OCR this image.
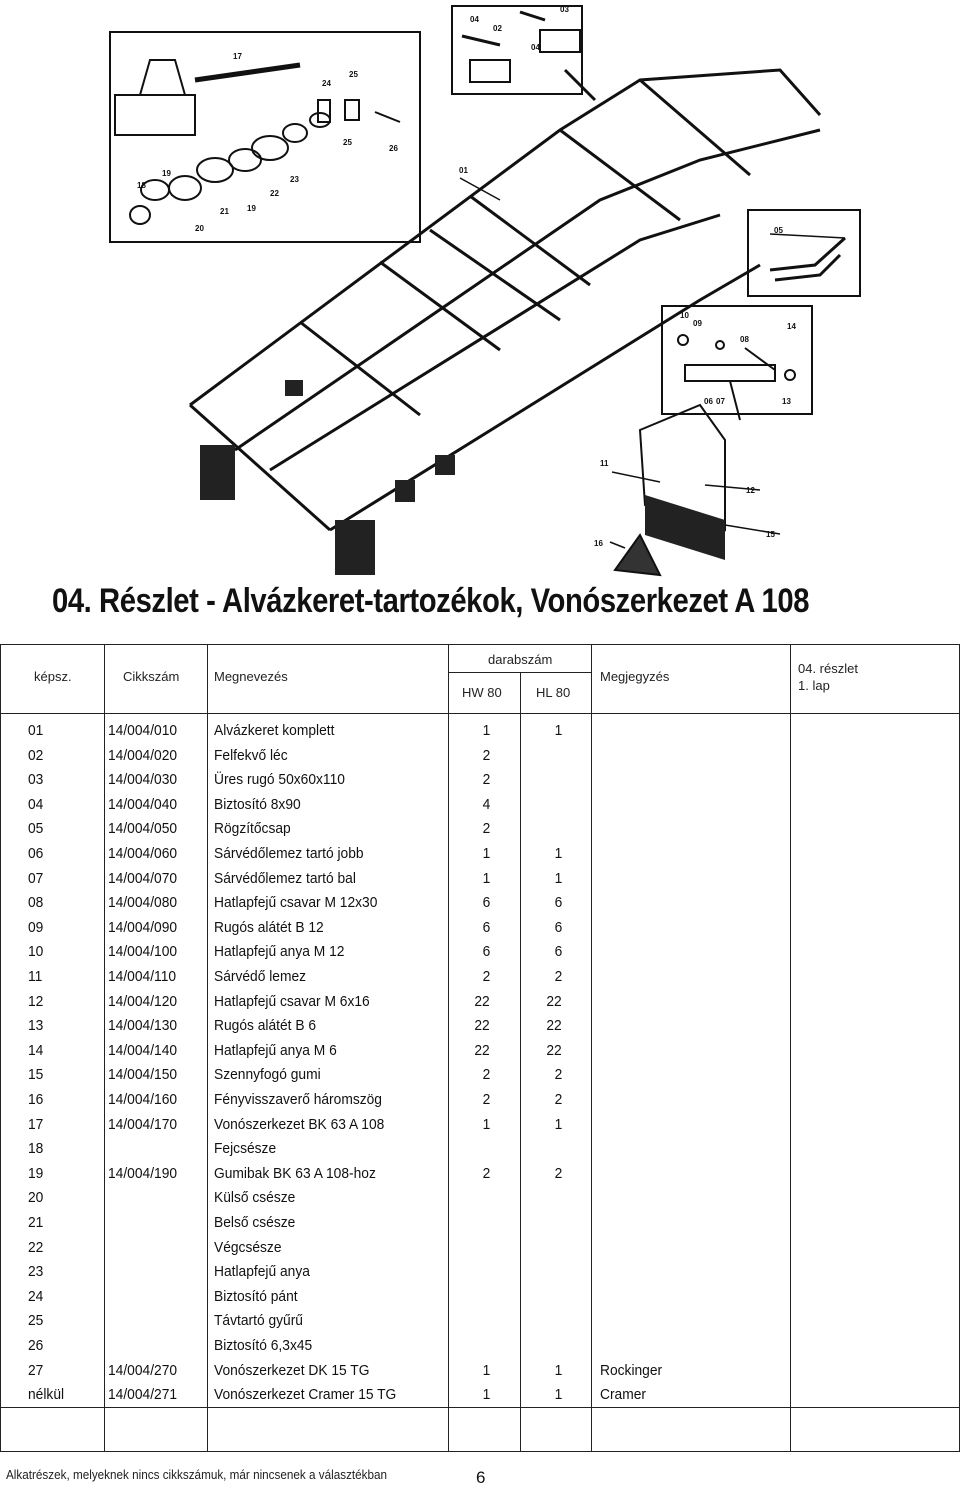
17
24
25
25
26
18
19
19
20
21
22
23
04
02
03
04
01
05
10
09
08
14
06 07	13
11
12
15
16
04. Részlet - Alvázkeret-tartozékok, Vonószerkezet A 108
képsz.	Cikkszám	Megnevezés
darabszám
HW 80	HL 80
Megjegyzés
04. részlet
1. lap
01	14/004/010 Alvázkeret komplett	1	1
02	14/004/020 Felfekvő léc	2
03	14/004/030 Üres rugó 50x60x110	2
04	14/004/040 Biztosító 8x90	4
05	14/004/050 Rögzítőcsap	2
06	14/004/060 Sárvédőlemez tartó jobb	1	1
07	14/004/070 Sárvédőlemez tartó bal	1	1
08	14/004/080 Hatlapfejű csavar M 12x30	6	6
09	14/004/090 Rugós alátét B 12	6	6
10	14/004/100 Hatlapfejű anya M 12	6	6
11	14/004/110	Sárvédő lemez	2	2
12	14/004/120 Hatlapfejű csavar M 6x16	22	22
13	14/004/130 Rugós alátét B 6	22	22
14	14/004/140 Hatlapfejű anya M 6	22	22
15	14/004/150 Szennyfogó gumi	2	2
16	14/004/160 Fényvisszaverő háromszög	2	2
17	14/004/170 Vonószerkezet BK 63 A 108	1	1
18	Fejcsésze
19	14/004/190 Gumibak BK 63 A 108-hoz	2	2
20	Külső csésze
21	Belső csésze
22	Végcsésze
23	Hatlapfejű anya
24	Biztosító pánt
25	Távtartó gyűrű
26	Biztosító 6,3x45
27	14/004/270 Vonószerkezet DK 15 TG	1	1	Rockinger
nélkül	14/004/271 Vonószerkezet Cramer 15 TG	1	1	Cramer
Alkatrészek, melyeknek nincs cikkszámuk, már nincsenek a választékban	6
